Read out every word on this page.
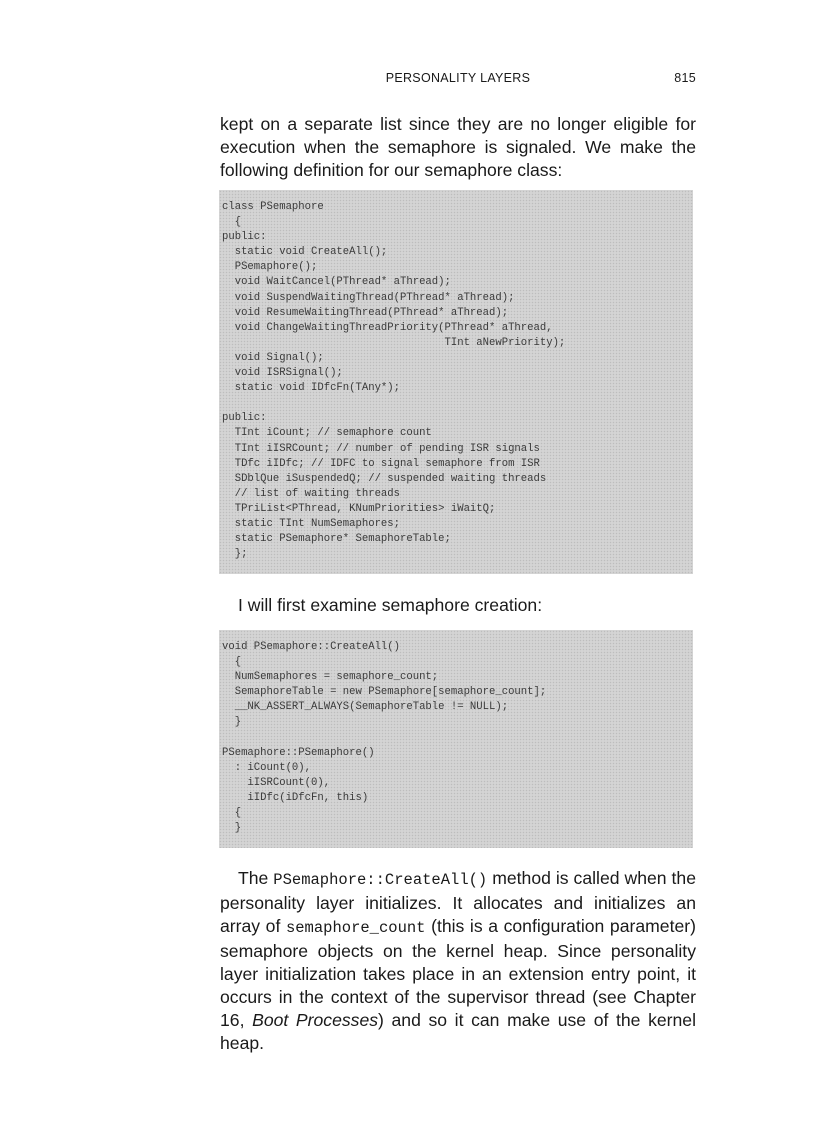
PERSONALITY LAYERS	815

kept on a separate list since they are no longer eligible for execution when the semaphore is signaled. We make the following definition for our semaphore class:

class PSemaphore
{
public:
static void CreateAll();
PSemaphore();
void WaitCancel(PThread* aThread);
void SuspendWaitingThread(PThread* aThread);
void ResumeWaitingThread(PThread* aThread);
void ChangeWaitingThreadPriority(PThread* aThread,
TInt aNewPriority);
void Signal();
void ISRSignal();
static void IDfcFn(TAny*);

public:
TInt iCount; // semaphore count
TInt iISRCount; // number of pending ISR signals
TDfc iIDfc; // IDFC to signal semaphore from ISR
SDblQue iSuspendedQ; // suspended waiting threads
// list of waiting threads
TPriList<PThread, KNumPriorities> iWaitQ;
static TInt NumSemaphores;
static PSemaphore* SemaphoreTable;
};

I will first examine semaphore creation:

void PSemaphore::CreateAll()
{
NumSemaphores = semaphore_count;
SemaphoreTable = new PSemaphore[semaphore_count];
__NK_ASSERT_ALWAYS(SemaphoreTable != NULL);
}

PSemaphore::PSemaphore()
: iCount(0),
iISRCount(0),
iIDfc(iDfcFn, this)
{
}

The PSemaphore::CreateAll() method is called when the personality layer initializes. It allocates and initializes an array of semaphore_count (this is a configuration parameter) semaphore objects on the kernel heap. Since personality layer initialization takes place in an extension entry point, it occurs in the context of the supervisor thread (see Chapter 16, Boot Processes) and so it can make use of the kernel heap.
